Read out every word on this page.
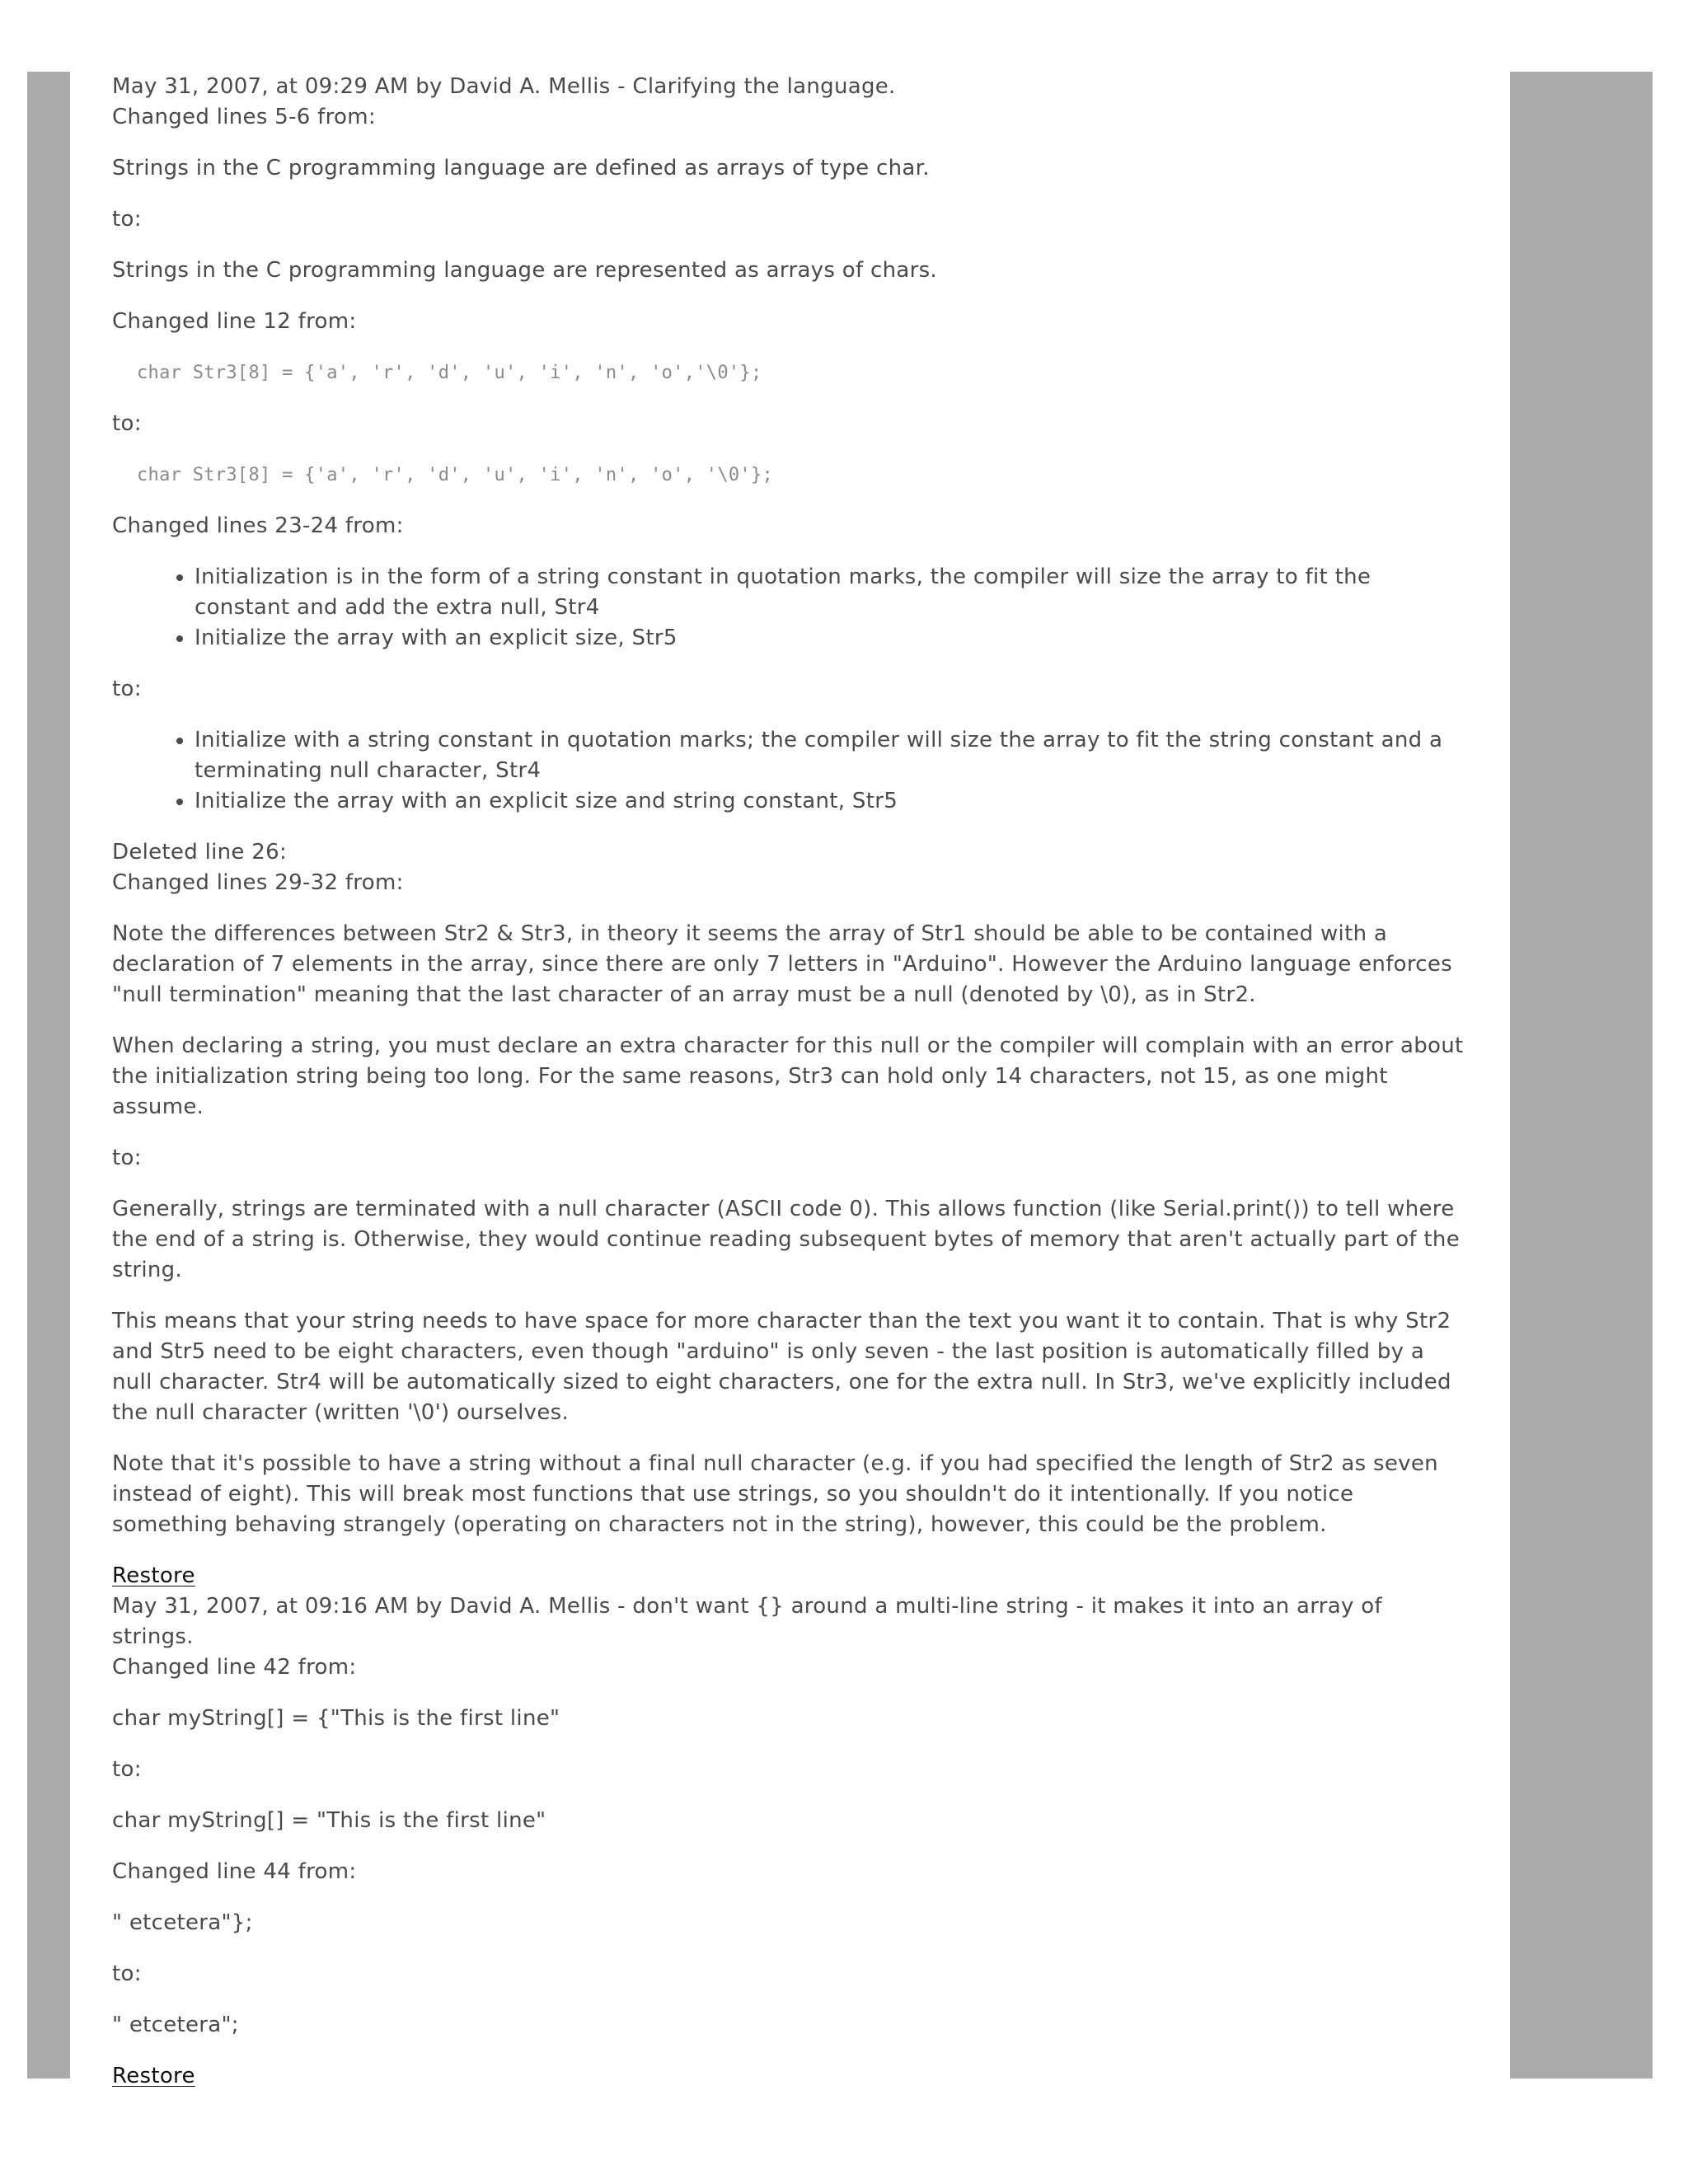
May 31, 2007, at 09:29 AM by David A. Mellis - Clarifying the language.

Changed lines 5-6 from:

Strings in the C programming language are defined as arrays of type char.

to:

Strings in the C programming language are represented as arrays of chars.

Changed line 12 from:

char Str3[8] = {'a', 'r', 'd', 'u', 'i', 'n', 'o','\0'};

to:

char Str3[8] = {'a', 'r', 'd', 'u', 'i', 'n', 'o', '\0'};

Changed lines 23-24 from:

• Initialization is in the form of a string constant in quotation marks, the compiler will size the array to fit the constant and add the extra null, Str4
• Initialize the array with an explicit size, Str5

to:

• Initialize with a string constant in quotation marks; the compiler will size the array to fit the string constant and a terminating null character, Str4
• Initialize the array with an explicit size and string constant, Str5

Deleted line 26:

Changed lines 29-32 from:

Note the differences between Str2 & Str3, in theory it seems the array of Str1 should be able to be contained with a declaration of 7 elements in the array, since there are only 7 letters in "Arduino". However the Arduino language enforces "null termination" meaning that the last character of an array must be a null (denoted by \0), as in Str2.

When declaring a string, you must declare an extra character for this null or the compiler will complain with an error about the initialization string being too long. For the same reasons, Str3 can hold only 14 characters, not 15, as one might assume.

to:

Generally, strings are terminated with a null character (ASCII code 0). This allows function (like Serial.print()) to tell where the end of a string is. Otherwise, they would continue reading subsequent bytes of memory that aren't actually part of the string.

This means that your string needs to have space for more character than the text you want it to contain. That is why Str2 and Str5 need to be eight characters, even though "arduino" is only seven - the last position is automatically filled by a null character. Str4 will be automatically sized to eight characters, one for the extra null. In Str3, we've explicitly included the null character (written '\0') ourselves.

Note that it's possible to have a string without a final null character (e.g. if you had specified the length of Str2 as seven instead of eight). This will break most functions that use strings, so you shouldn't do it intentionally. If you notice something behaving strangely (operating on characters not in the string), however, this could be the problem.

Restore

May 31, 2007, at 09:16 AM by David A. Mellis - don't want {} around a multi-line string - it makes it into an array of strings.

Changed line 42 from:

char myString[] = {"This is the first line"

to:

char myString[] = "This is the first line"

Changed line 44 from:

" etcetera"};

to:

" etcetera";

Restore
